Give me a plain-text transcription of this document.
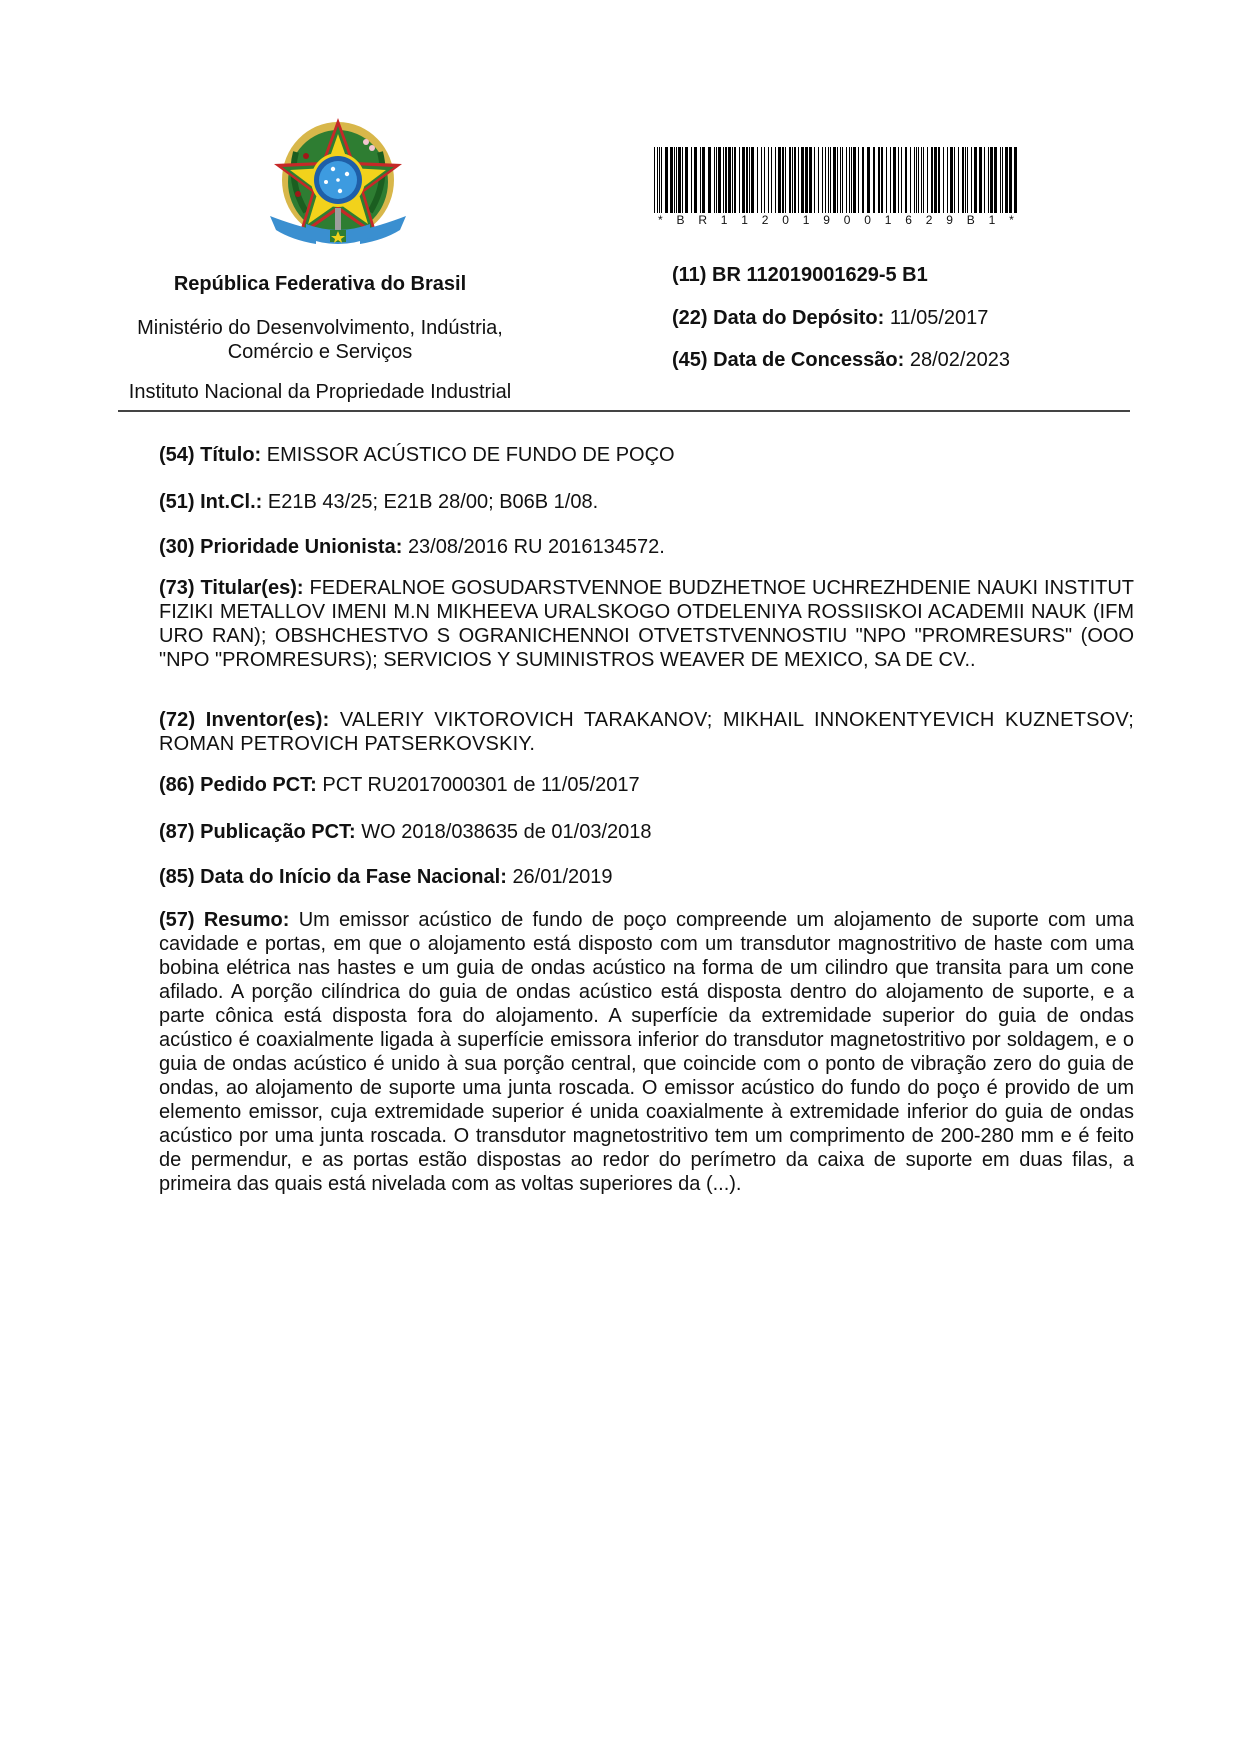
* B R 1 1 2 0 1 9 0 0 1 6 2 9 B 1 *
República Federativa do Brasil
Ministério do Desenvolvimento, Indústria,
Comércio e Serviços
Instituto Nacional da Propriedade Industrial
(11) BR 112019001629-5 B1
(22) Data do Depósito: 11/05/2017
(45) Data de Concessão: 28/02/2023
(54) Título: EMISSOR ACÚSTICO DE FUNDO DE POÇO
(51) Int.Cl.: E21B 43/25; E21B 28/00; B06B 1/08.
(30) Prioridade Unionista: 23/08/2016 RU 2016134572.
(73) Titular(es): FEDERALNOE GOSUDARSTVENNOE BUDZHETNOE UCHREZHDENIE NAUKI INSTITUT FIZIKI METALLOV IMENI M.N MIKHEEVA URALSKOGO OTDELENIYA ROSSIISKOI ACADEMII NAUK (IFM URO RAN); OBSHCHESTVO S OGRANICHENNOI OTVETSTVENNOSTIU "NPO "PROMRESURS" (OOO "NPO "PROMRESURS); SERVICIOS Y SUMINISTROS WEAVER DE MEXICO, SA DE CV..
(72) Inventor(es): VALERIY VIKTOROVICH TARAKANOV; MIKHAIL INNOKENTYEVICH KUZNETSOV; ROMAN PETROVICH PATSERKOVSKIY.
(86) Pedido PCT: PCT RU2017000301 de 11/05/2017
(87) Publicação PCT: WO 2018/038635 de 01/03/2018
(85) Data do Início da Fase Nacional: 26/01/2019
(57) Resumo: Um emissor acústico de fundo de poço compreende um alojamento de suporte com uma cavidade e portas, em que o alojamento está disposto com um transdutor magnostritivo de haste com uma bobina elétrica nas hastes e um guia de ondas acústico na forma de um cilindro que transita para um cone afilado. A porção cilíndrica do guia de ondas acústico está disposta dentro do alojamento de suporte, e a parte cônica está disposta fora do alojamento. A superfície da extremidade superior do guia de ondas acústico é coaxialmente ligada à superfície emissora inferior do transdutor magnetostritivo por soldagem, e o guia de ondas acústico é unido à sua porção central, que coincide com o ponto de vibração zero do guia de ondas, ao alojamento de suporte uma junta roscada. O emissor acústico do fundo do poço é provido de um elemento emissor, cuja extremidade superior é unida coaxialmente à extremidade inferior do guia de ondas acústico por uma junta roscada. O transdutor magnetostritivo tem um comprimento de 200-280 mm e é feito de permendur, e as portas estão dispostas ao redor do perímetro da caixa de suporte em duas filas, a primeira das quais está nivelada com as voltas superiores da (...).
